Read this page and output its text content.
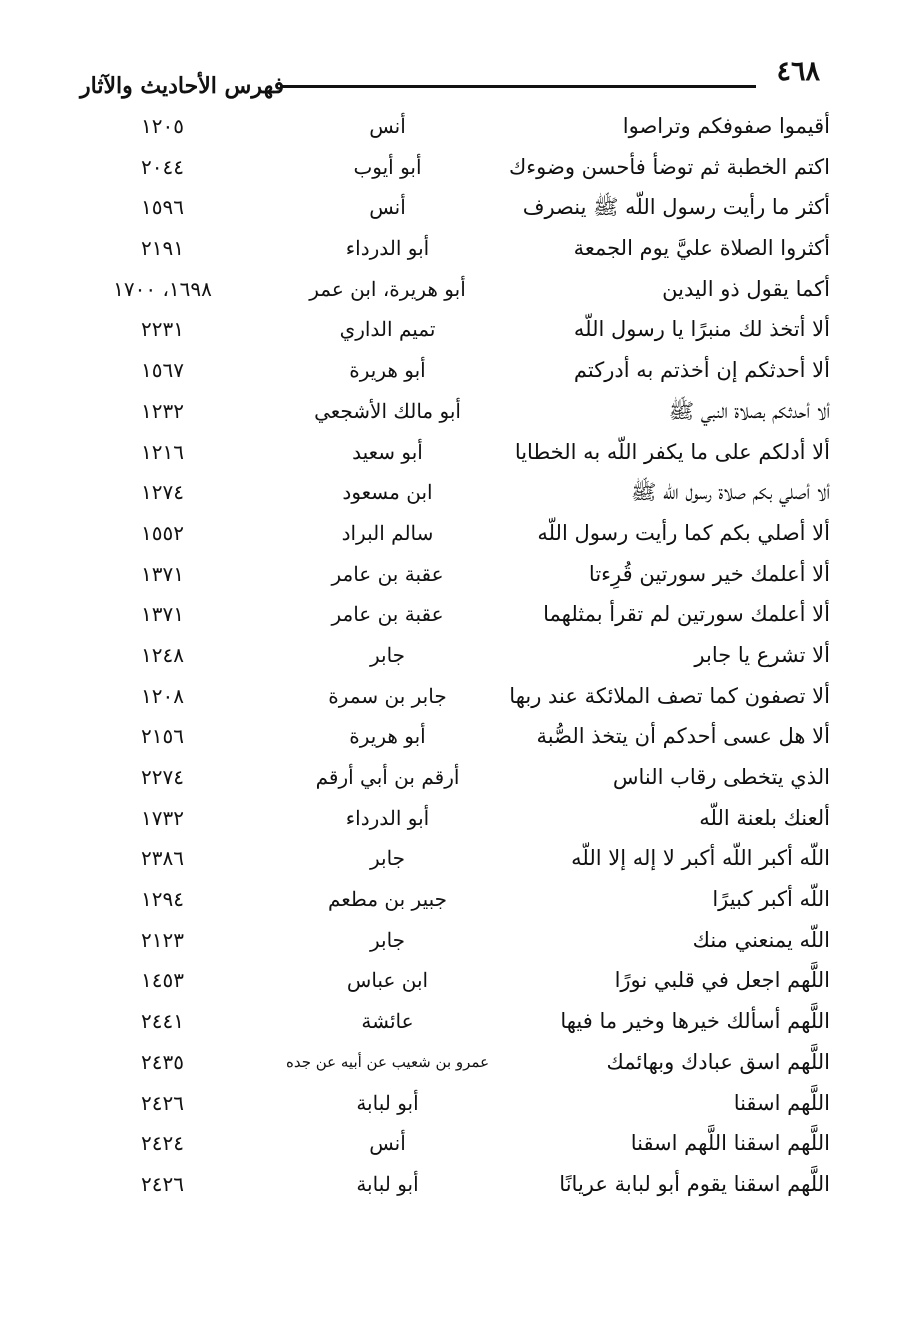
٤٦٨
فهرس الأحاديث والآثار
أقيموا صفوفكم وتراصوا
أنس
١٢٠٥
اكتم الخطبة ثم توضأ فأحسن وضوءك
أبو أيوب
٢٠٤٤
أكثر ما رأيت رسول اللّه ﷺ ينصرف
أنس
١٥٩٦
أكثروا الصلاة عليَّ يوم الجمعة
أبو الدرداء
٢١٩١
أكما يقول ذو اليدين
أبو هريرة، ابن عمر
١٦٩٨، ١٧٠٠
ألا أتخذ لك منبرًا يا رسول اللّه
تميم الداري
٢٢٣١
ألا أحدثكم إن أخذتم به أدركتم
أبو هريرة
١٥٦٧
ألا أحدثكم بصلاة النبي ﷺ
أبو مالك الأشجعي
١٢٣٢
ألا أدلكم على ما يكفر اللّه به الخطايا
أبو سعيد
١٢١٦
ألا أصلي بكم صلاة رسول اللّه ﷺ
ابن مسعود
١٢٧٤
ألا أصلي بكم كما رأيت رسول اللّه
سالم البراد
١٥٥٢
ألا أعلمك خير سورتين قُرِءتا
عقبة بن عامر
١٣٧١
ألا أعلمك سورتين لم تقرأ بمثلهما
عقبة بن عامر
١٣٧١
ألا تشرع يا جابر
جابر
١٢٤٨
ألا تصفون كما تصف الملائكة عند ربها
جابر بن سمرة
١٢٠٨
ألا هل عسى أحدكم أن يتخذ الصُّبة
أبو هريرة
٢١٥٦
الذي يتخطى رقاب الناس
أرقم بن أبي أرقم
٢٢٧٤
ألعنك بلعنة اللّه
أبو الدرداء
١٧٣٢
اللّه أكبر اللّه أكبر لا إله إلا اللّه
جابر
٢٣٨٦
اللّه أكبر كبيرًا
جبير بن مطعم
١٢٩٤
اللّه يمنعني منك
جابر
٢١٢٣
اللَّهم اجعل في قلبي نورًا
ابن عباس
١٤٥٣
اللَّهم أسألك خيرها وخير ما فيها
عائشة
٢٤٤١
اللَّهم اسق عبادك وبهائمك
عمرو بن شعيب عن أبيه عن جده
٢٤٣٥
اللَّهم اسقنا
أبو لبابة
٢٤٢٦
اللَّهم اسقنا اللَّهم اسقنا
أنس
٢٤٢٤
اللَّهم اسقنا يقوم أبو لبابة عريانًا
أبو لبابة
٢٤٢٦
